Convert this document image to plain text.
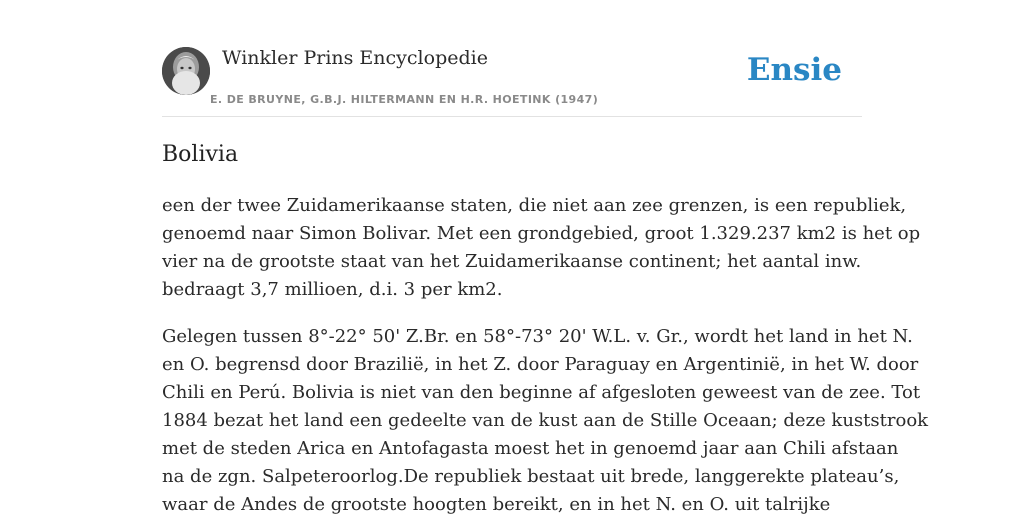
Winkler Prins Encyclopedie
E. DE BRUYNE, G.B.J. HILTERMANN EN H.R. HOETINK (1947)
Ensie
Bolivia

een der twee Zuidamerikaanse staten, die niet aan zee grenzen, is een republiek,
genoemd naar Simon Bolivar. Met een grondgebied, groot 1.329.237 km2 is het op
vier na de grootste staat van het Zuidamerikaanse continent; het aantal inw.
bedraagt 3,7 millioen, d.i. 3 per km2.

Gelegen tussen 8°-22° 50' Z.Br. en 58°-73° 20' W.L. v. Gr., wordt het land in het N.
en O. begrensd door Brazilië, in het Z. door Paraguay en Argentinië, in het W. door
Chili en Perú. Bolivia is niet van den beginne af afgesloten geweest van de zee. Tot
1884 bezat het land een gedeelte van de kust aan de Stille Oceaan; deze kuststrook
met de steden Arica en Antofagasta moest het in genoemd jaar aan Chili afstaan
na de zgn. Salpeteroorlog.De republiek bestaat uit brede, langgerekte plateau’s,
waar de Andes de grootste hoogten bereikt, en in het N. en O. uit talrijke
